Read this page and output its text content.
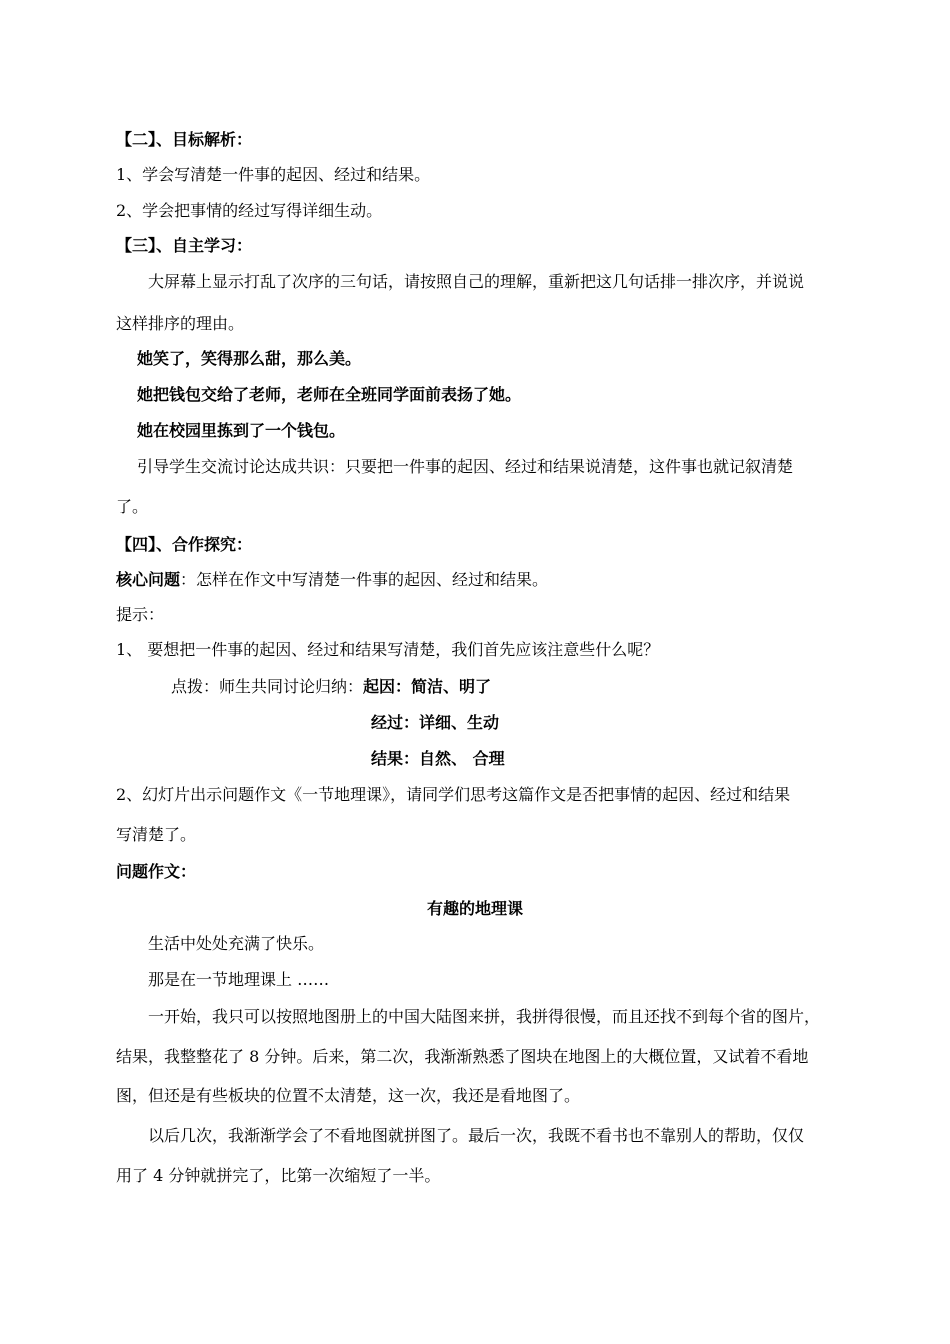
【二】、目标解析：
1、学会写清楚一件事的起因、经过和结果。
2、学会把事情的经过写得详细生动。
【三】、自主学习：
大屏幕上显示打乱了次序的三句话，请按照自己的理解，重新把这几句话排一排次序，并说说
这样排序的理由。
她笑了，笑得那么甜，那么美。
她把钱包交给了老师，老师在全班同学面前表扬了她。
她在校园里拣到了一个钱包。
引导学生交流讨论达成共识：只要把一件事的起因、经过和结果说清楚，这件事也就记叙清楚
了。
【四】、合作探究：
核心问题：怎样在作文中写清楚一件事的起因、经过和结果。
提示：
1、 要想把一件事的起因、经过和结果写清楚，我们首先应该注意些什么呢？
点拨：师生共同讨论归纳：起因：简洁、明了
经过：详细、生动
结果：自然、 合理
2、幻灯片出示问题作文《一节地理课》，请同学们思考这篇作文是否把事情的起因、经过和结果
写清楚了。
问题作文：
有趣的地理课
生活中处处充满了快乐。
那是在一节地理课上 ……
一开始，我只可以按照地图册上的中国大陆图来拼，我拼得很慢，而且还找不到每个省的图片，
结果，我整整花了 8 分钟。后来，第二次，我渐渐熟悉了图块在地图上的大概位置，又试着不看地
图，但还是有些板块的位置不太清楚，这一次，我还是看地图了。
以后几次，我渐渐学会了不看地图就拼图了。最后一次，我既不看书也不靠别人的帮助，仅仅
用了 4 分钟就拼完了，比第一次缩短了一半。
